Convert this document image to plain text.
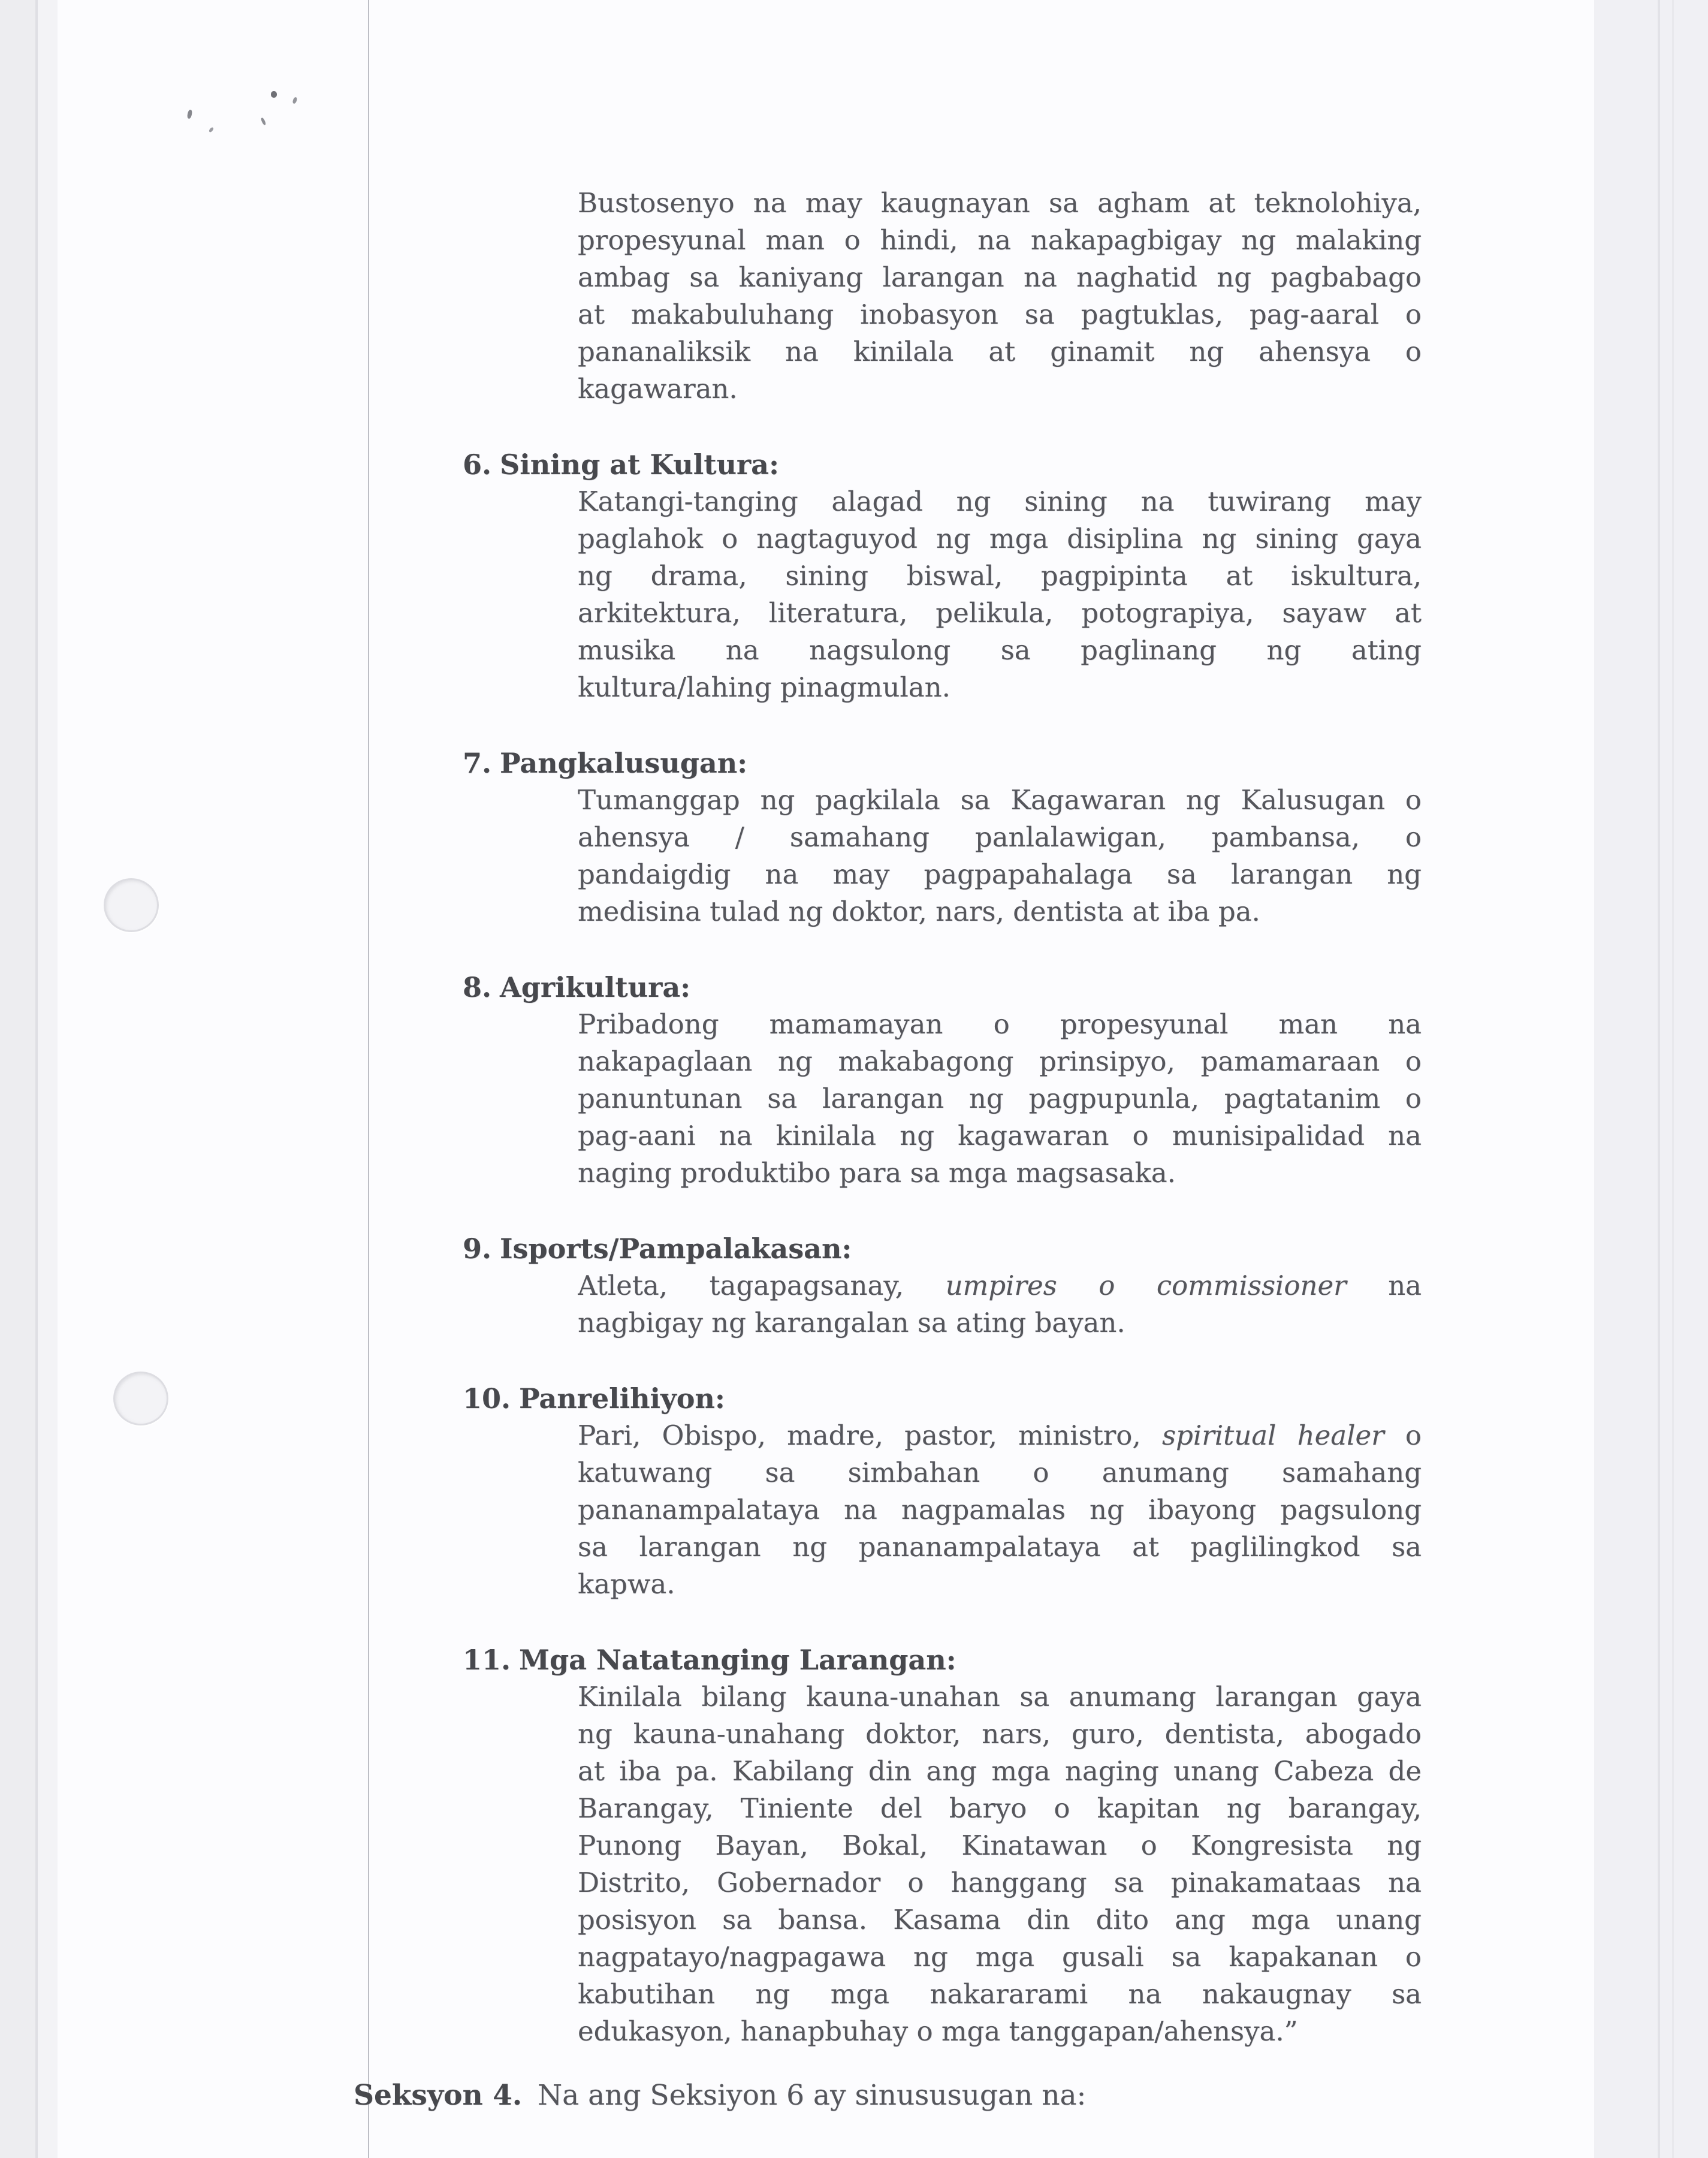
Bustosenyo na may kaugnayan sa agham at teknolohiya,
propesyunal man o hindi, na nakapagbigay ng malaking
ambag sa kaniyang larangan na naghatid ng pagbabago
at makabuluhang inobasyon sa pagtuklas, pag-aaral o
pananaliksik na kinilala at ginamit ng ahensya o
kagawaran.
6. Sining at Kultura:
Katangi-tanging alagad ng sining na tuwirang may
paglahok o nagtaguyod ng mga disiplina ng sining gaya
ng drama, sining biswal, pagpipinta at iskultura,
arkitektura, literatura, pelikula, potograpiya, sayaw at
musika na nagsulong sa paglinang ng ating
kultura/lahing pinagmulan.
7. Pangkalusugan:
Tumanggap ng pagkilala sa Kagawaran ng Kalusugan o
ahensya / samahang panlalawigan, pambansa, o
pandaigdig na may pagpapahalaga sa larangan ng
medisina tulad ng doktor, nars, dentista at iba pa.
8. Agrikultura:
Pribadong mamamayan o propesyunal man na
nakapaglaan ng makabagong prinsipyo, pamamaraan o
panuntunan sa larangan ng pagpupunla, pagtatanim o
pag-aani na kinilala ng kagawaran o munisipalidad na
naging produktibo para sa mga magsasaka.
9. Isports/Pampalakasan:
Atleta, tagapagsanay, umpires o commissioner na
nagbigay ng karangalan sa ating bayan.
10. Panrelihiyon:
Pari, Obispo, madre, pastor, ministro, spiritual healer o
katuwang sa simbahan o anumang samahang
pananampalataya na nagpamalas ng ibayong pagsulong
sa larangan ng pananampalataya at paglilingkod sa
kapwa.
11. Mga Natatanging Larangan:
Kinilala bilang kauna-unahan sa anumang larangan gaya
ng kauna-unahang doktor, nars, guro, dentista, abogado
at iba pa. Kabilang din ang mga naging unang Cabeza de
Barangay, Tiniente del baryo o kapitan ng barangay,
Punong Bayan, Bokal, Kinatawan o Kongresista ng
Distrito, Gobernador o hanggang sa pinakamataas na
posisyon sa bansa. Kasama din dito ang mga unang
nagpatayo/nagpagawa ng mga gusali sa kapakanan o
kabutihan ng mga nakararami na nakaugnay sa
edukasyon, hanapbuhay o mga tanggapan/ahensya.”
Seksyon 4. Na ang Seksiyon 6 ay sinususugan na:
